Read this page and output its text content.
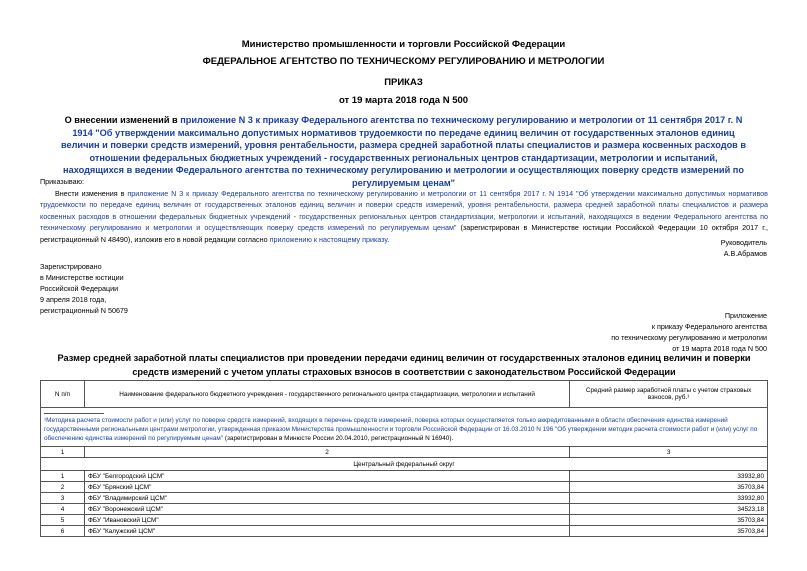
Министерство промышленности и торговли Российской Федерации
ФЕДЕРАЛЬНОЕ АГЕНТСТВО ПО ТЕХНИЧЕСКОМУ РЕГУЛИРОВАНИЮ И МЕТРОЛОГИИ
ПРИКАЗ
от 19 марта 2018 года N 500
О внесении изменений в приложение N 3 к приказу Федерального агентства по техническому регулированию и метрологии от 11 сентября 2017 г. N 1914 "Об утверждении максимально допустимых нормативов трудоемкости по передаче единиц величин от государственных эталонов единиц величин и поверки средств измерений, уровня рентабельности, размера средней заработной платы специалистов и размера косвенных расходов в отношении федеральных бюджетных учреждений - государственных региональных центров стандартизации, метрологии и испытаний, находящихся в ведении Федерального агентства по техническому регулированию и метрологии и осуществляющих поверку средств измерений по регулируемым ценам"
Приказываю:
Внести изменения в приложение N 3 к приказу Федерального агентства по техническому регулированию и метрологии от 11 сентября 2017 г. N 1914 "Об утверждении максимально допустимых нормативов трудоемкости по передаче единиц величин от государственных эталонов единиц величин и поверки средств измерений, уровня рентабельности, размера средней заработной платы специалистов и размера косвенных расходов в отношении федеральных бюджетных учреждений - государственных региональных центров стандартизации, метрологии и испытаний, находящихся в ведении Федерального агентства по техническому регулированию и метрологии и осуществляющих поверку средств измерений по регулируемым ценам" (зарегистрирован в Министерстве юстиции Российской Федерации 10 октября 2017 г., регистрационный N 48490), изложив его в новой редакции согласно приложению к настоящему приказу.	Руководитель
А.В.Абрамов
Зарегистрировано
в Министерстве юстиции
Российской Федерации
9 апреля 2018 года,
регистрационный N 50679
Приложение
к приказу Федерального агентства
по техническому регулированию и метрологии
от 19 марта 2018 года N 500
Размер средней заработной платы специалистов при проведении передачи единиц величин от государственных эталонов единиц величин и поверки средств измерений с учетом уплаты страховых взносов в соответствии с законодательством Российской Федерации
N п/п	Наименование федерального бюджетного учреждения - государственного регионального центра стандартизации, метрологии и испытаний	Средний размер заработной платы с учетом страховых взносов, руб.¹

¹Методика расчета стоимости работ и (или) услуг по поверке средств измерений, входящих в перечень средств измерений, поверка которых осуществляется только аккредитованными в области обеспечения единства измерений государственными региональными центрами метрологии, утвержденная приказом Министерства промышленности и торговли Российской Федерации от 16.03.2010 N 196 "Об утверждении методик расчета стоимости работ и (или) услуг по обеспечению единства измерений по регулируемым ценам" (зарегистрирован в Минюсте России 20.04.2010, регистрационный N 16940).		
1	2	3
Центральный федеральный округ		
1	ФБУ "Белгородский ЦСМ"	33932,80
2	ФБУ "Брянский ЦСМ"	35703,84
3	ФБУ "Владимирский ЦСМ"	33932,80
4	ФБУ "Воронежский ЦСМ"	34523,18
5	ФБУ "Ивановский ЦСМ"	35703,84
6	ФБУ "Калужский ЦСМ"	35703,84
